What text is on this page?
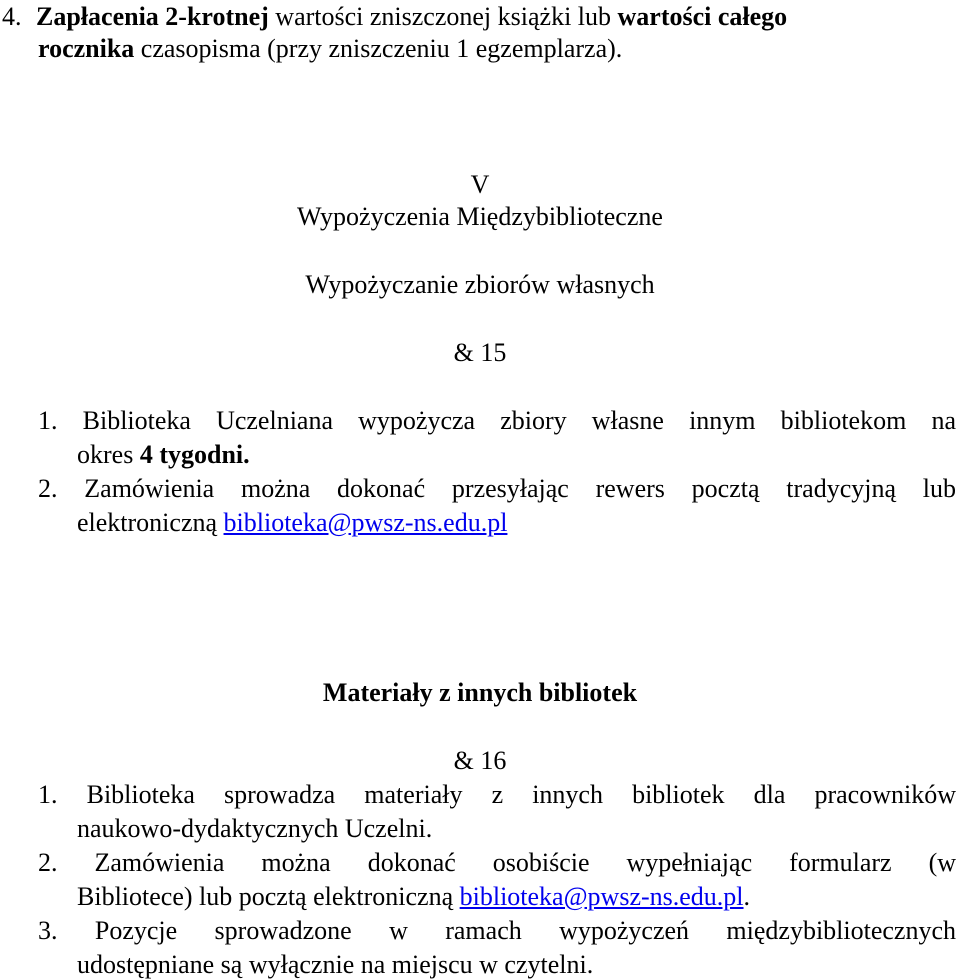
4. Zapłacenia 2-krotnej wartości zniszczonej książki lub wartości całego
rocznika czasopisma (przy zniszczeniu 1 egzemplarza).
V
Wypożyczenia Międzybiblioteczne
Wypożyczanie zbiorów własnych
& 15
1. Biblioteka Uczelniana wypożycza zbiory własne innym bibliotekom na
okres 4 tygodni.
2. Zamówienia można dokonać przesyłając rewers pocztą tradycyjną lub
elektroniczną biblioteka@pwsz-ns.edu.pl
Materiały z innych bibliotek
& 16
1. Biblioteka sprowadza materiały z innych bibliotek dla pracowników
naukowo-dydaktycznych Uczelni.
2. Zamówienia można dokonać osobiście wypełniając formularz (w
Bibliotece) lub pocztą elektroniczną biblioteka@pwsz-ns.edu.pl.
3. Pozycje sprowadzone w ramach wypożyczeń międzybibliotecznych
udostępniane są wyłącznie na miejscu w czytelni.
